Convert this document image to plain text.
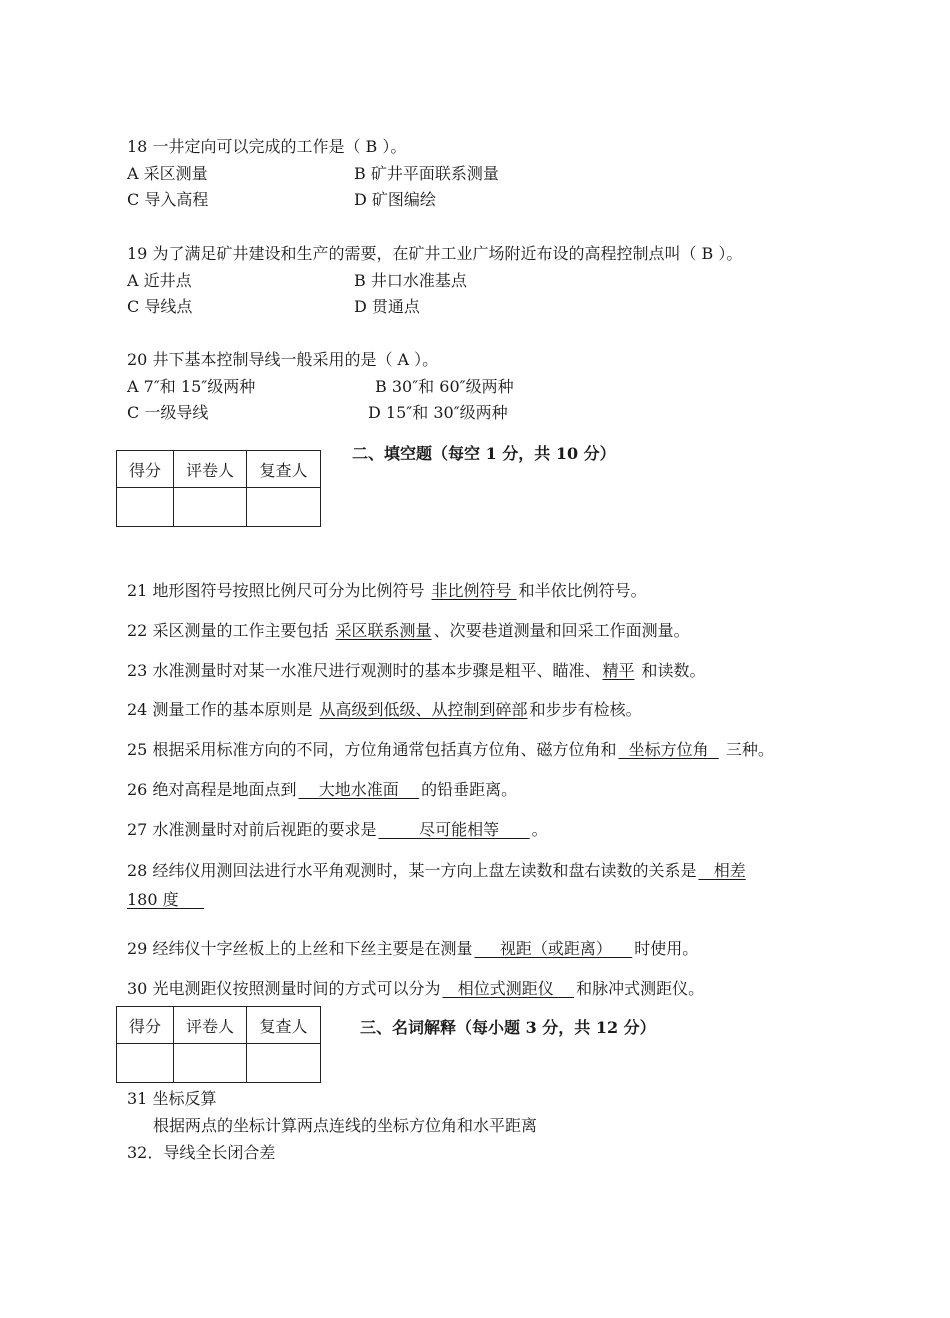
18 一井定向可以完成的工作是（ B ）。
A 采区测量	B 矿井平面联系测量
C 导入高程	D 矿图编绘
19 为了满足矿井建设和生产的需要，在矿井工业广场附近布设的高程控制点叫（ B ）。
A 近井点	B 井口水准基点
C 导线点	D 贯通点
20 井下基本控制导线一般采用的是（ A ）。
A 7″和 15″级两种	B 30″和 60″级两种
C 一级导线	D 15″和 30″级两种
得分	评卷人	复查人

二、填空题（每空 1 分，共 10 分）
21 地形图符号按照比例尺可分为比例符号 非比例符号 和半依比例符号。
22 采区测量的工作主要包括 采区联系测量 、次要巷道测量和回采工作面测量。
23 水准测量时对某一水准尺进行观测时的基本步骤是粗平、瞄准、 精平 和读数。
24 测量工作的基本原则是 从高级到低级、从控制到碎部 和步步有检核。
25 根据采用标准方向的不同，方位角通常包括真方位角、磁方位角和  坐标方位角   三种。
26 绝对高程是地面点到    大地水准面    的铅垂距离。
27 水准测量时对前后视距的要求是        尽可能相等      。
28 经纬仪用测回法进行水平角观测时，某一方向上盘左读数和盘右读数的关系是   相差
180 度
29 经纬仪十字丝板上的上丝和下丝主要是在测量     视距（或距离）    时使用。
30 光电测距仪按照测量时间的方式可以分为   相位式测距仪    和脉冲式测距仪。
得分	评卷人	复查人
			三、名词解释（每小题 3 分，共 12 分）
31 坐标反算
根据两点的坐标计算两点连线的坐标方位角和水平距离
32．导线全长闭合差
